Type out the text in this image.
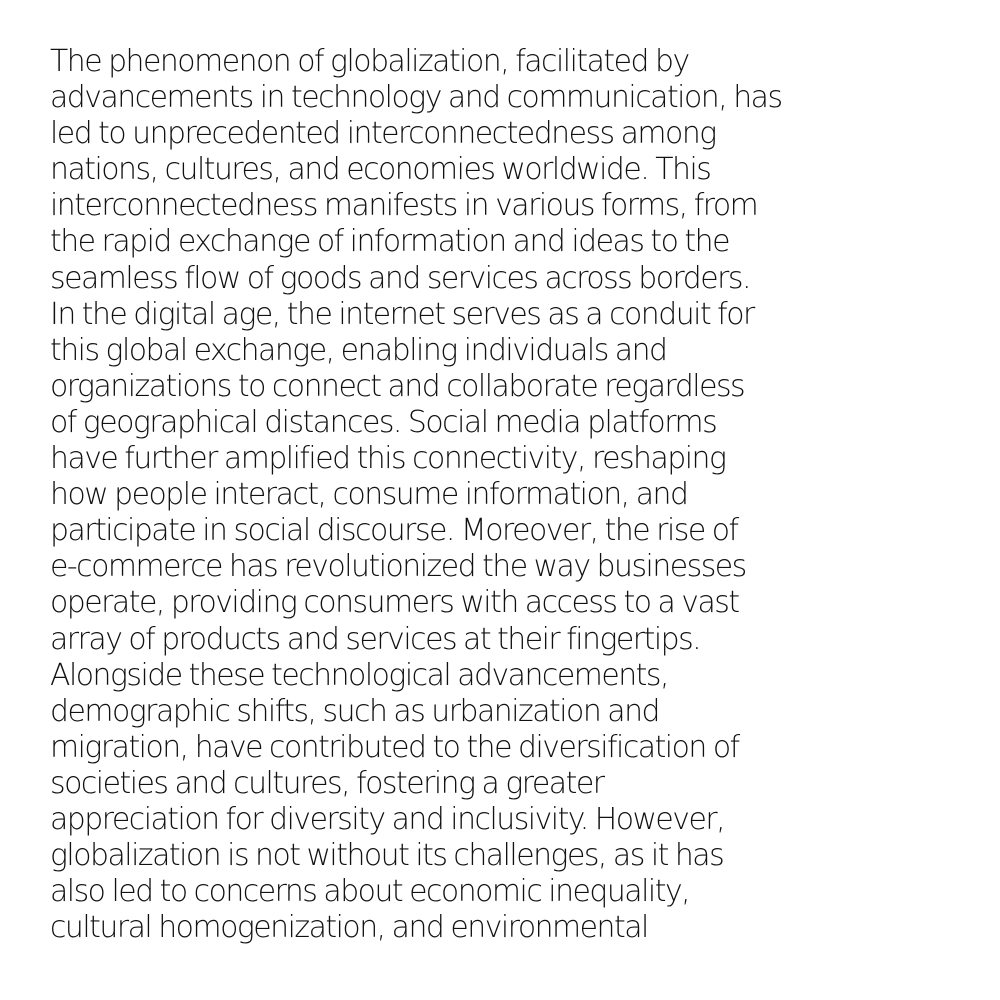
The phenomenon of globalization, facilitated by
advancements in technology and communication, has
led to unprecedented interconnectedness among
nations, cultures, and economies worldwide. This
interconnectedness manifests in various forms, from
the rapid exchange of information and ideas to the
seamless flow of goods and services across borders.
In the digital age, the internet serves as a conduit for
this global exchange, enabling individuals and
organizations to connect and collaborate regardless
of geographical distances. Social media platforms
have further amplified this connectivity, reshaping
how people interact, consume information, and
participate in social discourse. Moreover, the rise of
e-commerce has revolutionized the way businesses
operate, providing consumers with access to a vast
array of products and services at their fingertips.
Alongside these technological advancements,
demographic shifts, such as urbanization and
migration, have contributed to the diversification of
societies and cultures, fostering a greater
appreciation for diversity and inclusivity. However,
globalization is not without its challenges, as it has
also led to concerns about economic inequality,
cultural homogenization, and environmental
